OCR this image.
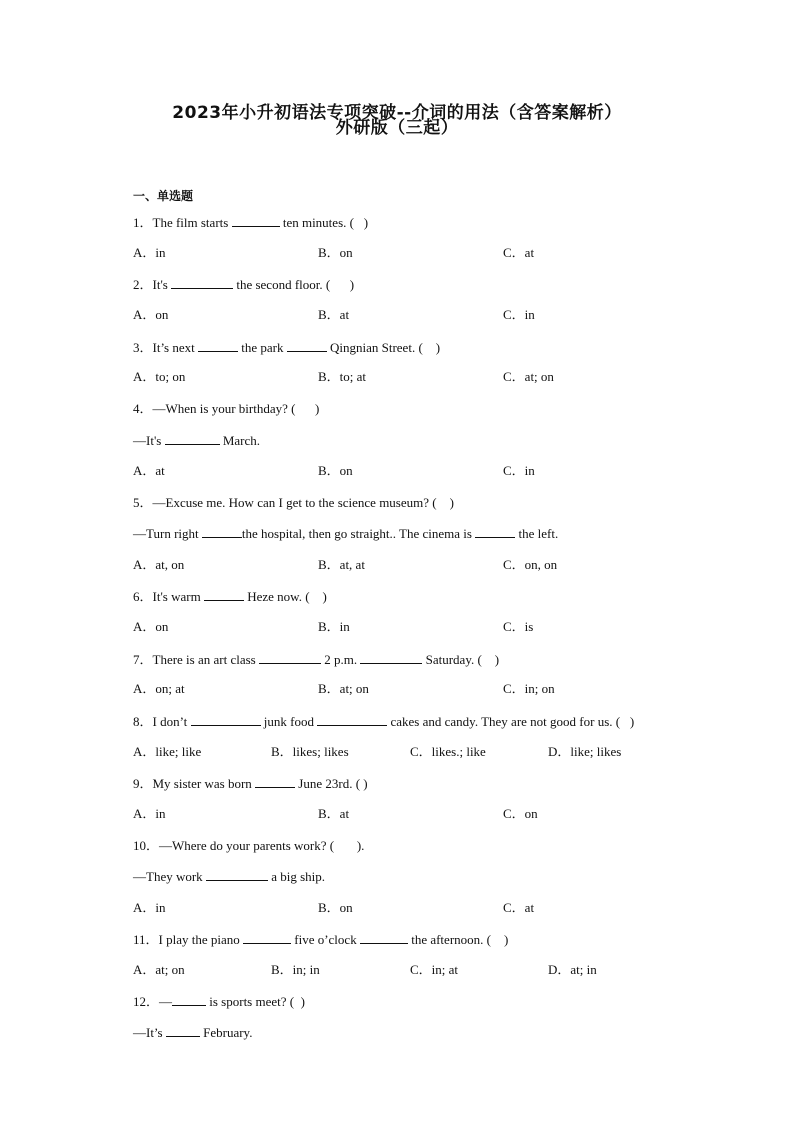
2023年小升初语法专项突破--介词的用法（含答案解析）
外研版（三起）
一、单选题
1．The film starts	ten minutes. (   )
A．in	B．on	C．at
2．It's	the second floor. (      )
A．on	B．at	C．in
3．It’s next	the park	Qingnian Street. (    )
A．to; on	B．to; at	C．at; on
4．—When is your birthday? (      )
—It's	March.
A．at	B．on	C．in
5．—Excuse me. How can I get to the science museum? (    )
—Turn right	the hospital, then go straight.. The cinema is	the left.
A．at, on	B．at, at	C．on, on
6．It's warm	Heze now. (    )
A．on	B．in	C．is
7．There is an art class	2 p.m.	Saturday. (    )
A．on; at	B．at; on	C．in; on
8．I don’t	junk food	cakes and candy. They are not good for us. (   )
A．like; like	B．likes; likes	C．likes.; like	D．like; likes
9．My sister was born	June 23rd. ( )
A．in	B．at	C．on
10．—Where do your parents work? (       ).
—They work	a big ship.
A．in	B．on	C．at
11．I play the piano	five o’clock	the afternoon. (    )
A．at; on	B．in; in	C．in; at	D．at; in
12．—	is sports meet? (  )
—It’s	February.
